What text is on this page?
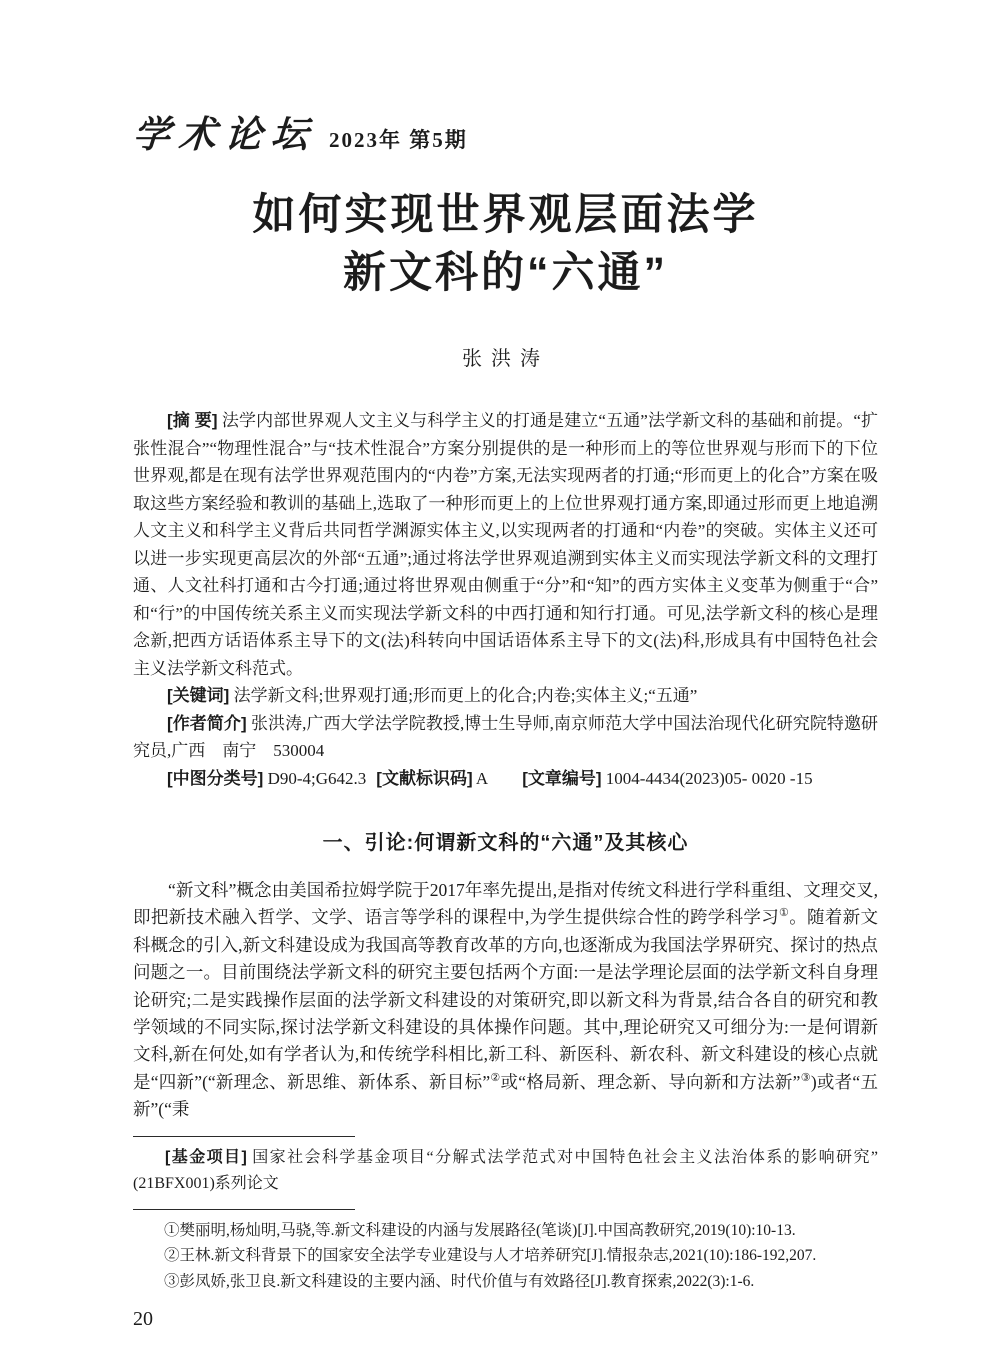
学术论坛 2023年 第5期
如何实现世界观层面法学
新文科的“六通”
张洪涛

[摘 要] 法学内部世界观人文主义与科学主义的打通是建立“五通”法学新文科的基础和前提。“扩张性混合”“物理性混合”与“技术性混合”方案分别提供的是一种形而上的等位世界观与形而下的下位世界观,都是在现有法学世界观范围内的“内卷”方案,无法实现两者的打通;“形而更上的化合”方案在吸取这些方案经验和教训的基础上,选取了一种形而更上的上位世界观打通方案,即通过形而更上地追溯人文主义和科学主义背后共同哲学渊源实体主义,以实现两者的打通和“内卷”的突破。实体主义还可以进一步实现更高层次的外部“五通”;通过将法学世界观追溯到实体主义而实现法学新文科的文理打通、人文社科打通和古今打通;通过将世界观由侧重于“分”和“知”的西方实体主义变革为侧重于“合”和“行”的中国传统关系主义而实现法学新文科的中西打通和知行打通。可见,法学新文科的核心是理念新,把西方话语体系主导下的文(法)科转向中国话语体系主导下的文(法)科,形成具有中国特色社会主义法学新文科范式。

[关键词] 法学新文科;世界观打通;形而更上的化合;内卷;实体主义;“五通”

[作者简介] 张洪涛,广西大学法学院教授,博士生导师,南京师范大学中国法治现代化研究院特邀研究员,广西　南宁　530004

[中图分类号] D90-4;G642.3 [文献标识码] A [文章编号] 1004-4434(2023)05- 0020 -15

一、引论:何谓新文科的“六通”及其核心

“新文科”概念由美国希拉姆学院于2017年率先提出,是指对传统文科进行学科重组、文理交叉,即把新技术融入哲学、文学、语言等学科的课程中,为学生提供综合性的跨学科学习①。随着新文科概念的引入,新文科建设成为我国高等教育改革的方向,也逐渐成为我国法学界研究、探讨的热点问题之一。目前围绕法学新文科的研究主要包括两个方面:一是法学理论层面的法学新文科自身理论研究;二是实践操作层面的法学新文科建设的对策研究,即以新文科为背景,结合各自的研究和教学领域的不同实际,探讨法学新文科建设的具体操作问题。其中,理论研究又可细分为:一是何谓新文科,新在何处,如有学者认为,和传统学科相比,新工科、新医科、新农科、新文科建设的核心点就是“四新”(“新理念、新思维、新体系、新目标”②或“格局新、理念新、导向新和方法新”③)或者“五新”(“秉

[基金项目] 国家社会科学基金项目“分解式法学范式对中国特色社会主义法治体系的影响研究”(21BFX001)系列论文

①樊丽明,杨灿明,马骁,等.新文科建设的内涵与发展路径(笔谈)[J].中国高教研究,2019(10):10-13.

②王林.新文科背景下的国家安全法学专业建设与人才培养研究[J].情报杂志,2021(10):186-192,207.

③彭凤娇,张卫良.新文科建设的主要内涵、时代价值与有效路径[J].教育探索,2022(3):1-6.

20
